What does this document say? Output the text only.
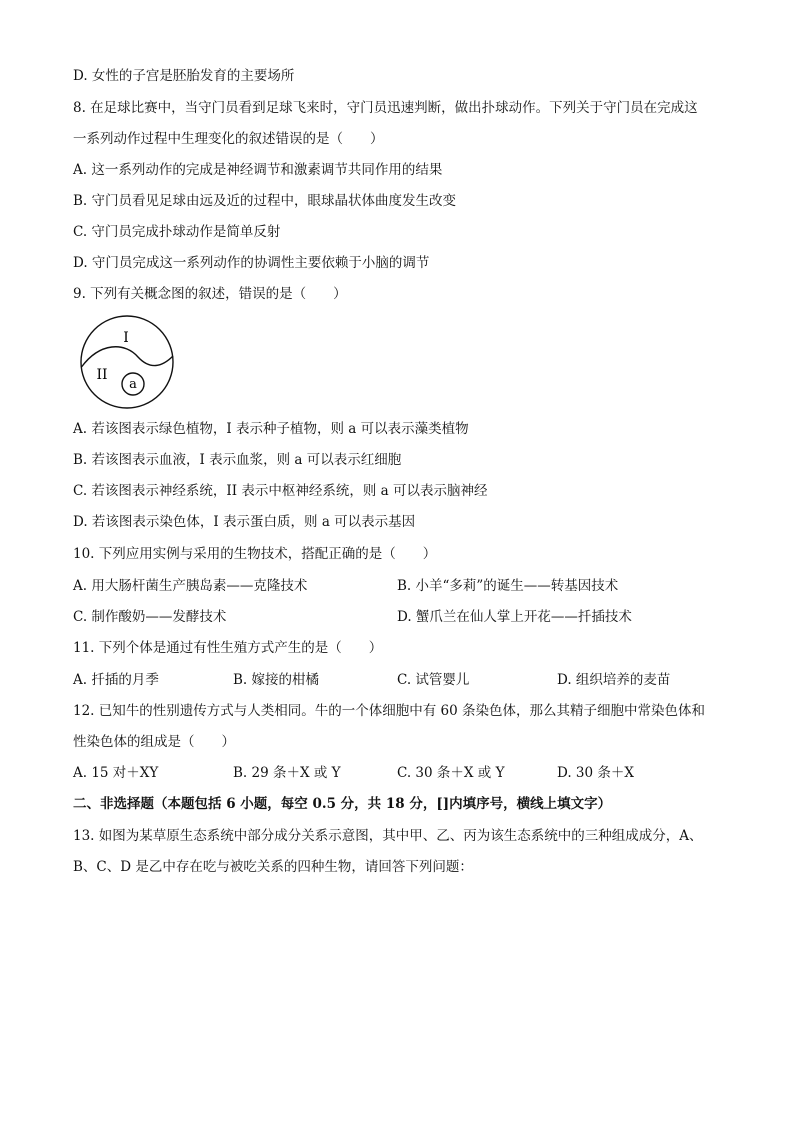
D. 女性的子宫是胚胎发育的主要场所
8. 在足球比赛中，当守门员看到足球飞来时，守门员迅速判断，做出扑球动作。下列关于守门员在完成这
一系列动作过程中生理变化的叙述错误的是（　　）
A. 这一系列动作的完成是神经调节和激素调节共同作用的结果
B. 守门员看见足球由远及近的过程中，眼球晶状体曲度发生改变
C. 守门员完成扑球动作是简单反射
D. 守门员完成这一系列动作的协调性主要依赖于小脑的调节
9. 下列有关概念图的叙述，错误的是（　　）
I
II
a
A. 若该图表示绿色植物，I 表示种子植物，则 a 可以表示藻类植物
B. 若该图表示血液，I 表示血浆，则 a 可以表示红细胞
C. 若该图表示神经系统，II 表示中枢神经系统，则 a 可以表示脑神经
D. 若该图表示染色体，I 表示蛋白质，则 a 可以表示基因
10. 下列应用实例与采用的生物技术，搭配正确的是（　　）
A. 用大肠杆菌生产胰岛素——克隆技术	B. 小羊“多莉”的诞生——转基因技术
C. 制作酸奶——发酵技术	D. 蟹爪兰在仙人掌上开花——扦插技术
11. 下列个体是通过有性生殖方式产生的是（　　）
A. 扦插的月季	B. 嫁接的柑橘	C. 试管婴儿	D. 组织培养的麦苗
12. 已知牛的性别遗传方式与人类相同。牛的一个体细胞中有 60 条染色体，那么其精子细胞中常染色体和
性染色体的组成是（　　）
A. 15 对＋XY	B. 29 条＋X 或 Y	C. 30 条＋X 或 Y	D. 30 条＋X
二、非选择题（本题包括 6 小题，每空 0.5 分，共 18 分，[]内填序号，横线上填文字）
13. 如图为某草原生态系统中部分成分关系示意图，其中甲、乙、丙为该生态系统中的三种组成成分，A、
B、C、D 是乙中存在吃与被吃关系的四种生物，请回答下列问题：
